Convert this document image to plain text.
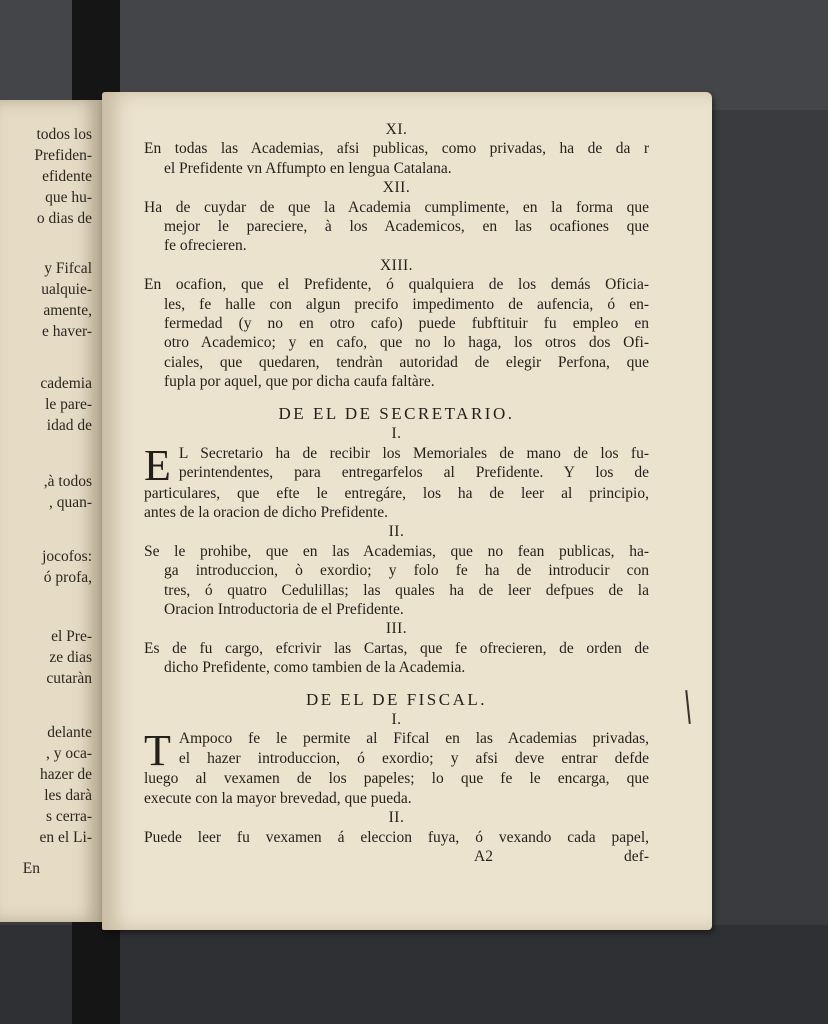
todos los
Prefiden-
efidente
que hu-
o dias de
y Fifcal
ualquie-
amente,
e haver-
cademia
le pare-
idad de
,à todos
, quan-
jocofos:
ó profa,
el Pre-
ze dias
cutaràn
delante
, y oca-
hazer de
les darà
s cerra-
en el Li-
En
XI.
En todas las Academias, afsi publicas, como privadas, ha de da r
el Prefidente vn Affumpto en lengua Catalana.
XII.
Ha de cuydar de que la Academia cumplimente, en la forma que
mejor le pareciere, à los Academicos, en las ocafiones que
fe ofrecieren.
XIII.
En ocafion, que el Prefidente, ó qualquiera de los demás Oficia-
les, fe halle con algun precifo impedimento de aufencia, ó en-
fermedad (y no en otro cafo) puede fubftituir fu empleo en
otro Academico; y en cafo, que no lo haga, los otros dos Ofi-
ciales, que quedaren, tendràn autoridad de elegir Perfona, que
fupla por aquel, que por dicha caufa faltàre.
DE EL DE SECRETARIO.
I.
E L Secretario ha de recibir los Memoriales de mano de los fu-
perintendentes, para entregarfelos al Prefidente. Y los de
particulares, que efte le entregáre, los ha de leer al principio,
antes de la oracion de dicho Prefidente.
II.
Se le prohibe, que en las Academias, que no fean publicas, ha-
ga introduccion, ò exordio; y folo fe ha de introducir con
tres, ó quatro Cedulillas; las quales ha de leer defpues de la
Oracion Introductoria de el Prefidente.
III.
Es de fu cargo, efcrivir las Cartas, que fe ofrecieren, de orden de
dicho Prefidente, como tambien de la Academia.
DE EL DE FISCAL.
I.
T Ampoco fe le permite al Fifcal en las Academias privadas,
el hazer introduccion, ó exordio; y afsi deve entrar defde
luego al vexamen de los papeles; lo que fe le encarga, que
execute con la mayor brevedad, que pueda.
II.
Puede leer fu vexamen á eleccion fuya, ó vexando cada papel,
A2	def-
